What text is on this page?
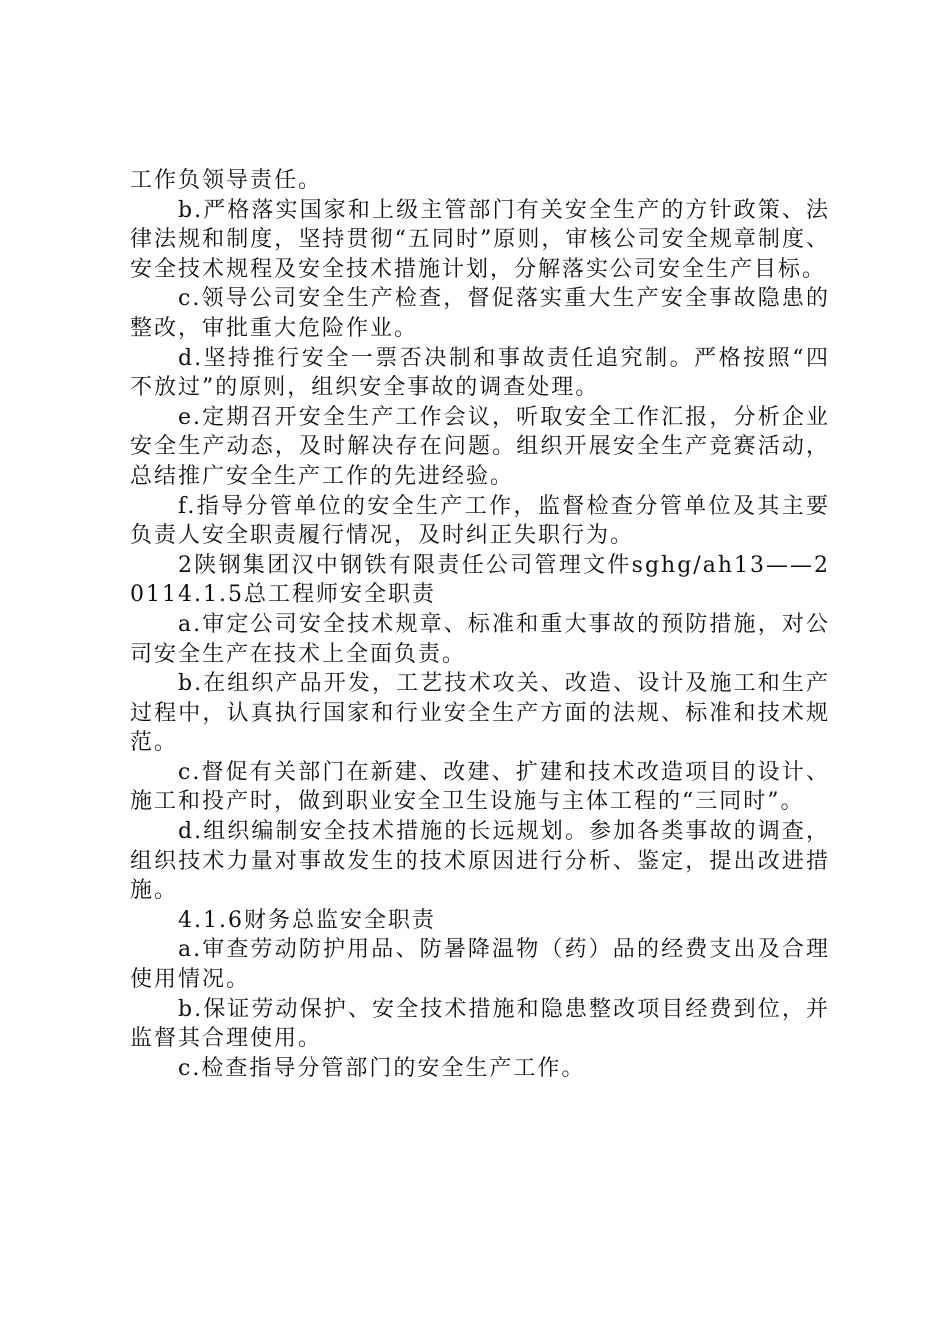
工作负领导责任。

b.严格落实国家和上级主管部门有关安全生产的方针政策、法律法规和制度，坚持贯彻“五同时”原则，审核公司安全规章制度、安全技术规程及安全技术措施计划，分解落实公司安全生产目标。

c.领导公司安全生产检查，督促落实重大生产安全事故隐患的整改，审批重大危险作业。

d.坚持推行安全一票否决制和事故责任追究制。严格按照“四不放过”的原则，组织安全事故的调查处理。

e.定期召开安全生产工作会议，听取安全工作汇报，分析企业安全生产动态，及时解决存在问题。组织开展安全生产竞赛活动，总结推广安全生产工作的先进经验。

f.指导分管单位的安全生产工作，监督检查分管单位及其主要负责人安全职责履行情况，及时纠正失职行为。

2陕钢集团汉中钢铁有限责任公司管理文件sghg/ah13——20114.1.5总工程师安全职责

a.审定公司安全技术规章、标准和重大事故的预防措施，对公司安全生产在技术上全面负责。

b.在组织产品开发，工艺技术攻关、改造、设计及施工和生产过程中，认真执行国家和行业安全生产方面的法规、标准和技术规范。

c.督促有关部门在新建、改建、扩建和技术改造项目的设计、施工和投产时，做到职业安全卫生设施与主体工程的“三同时”。

d.组织编制安全技术措施的长远规划。参加各类事故的调查，组织技术力量对事故发生的技术原因进行分析、鉴定，提出改进措施。

4.1.6财务总监安全职责

a.审查劳动防护用品、防暑降温物（药）品的经费支出及合理使用情况。

b.保证劳动保护、安全技术措施和隐患整改项目经费到位，并监督其合理使用。

c.检查指导分管部门的安全生产工作。
